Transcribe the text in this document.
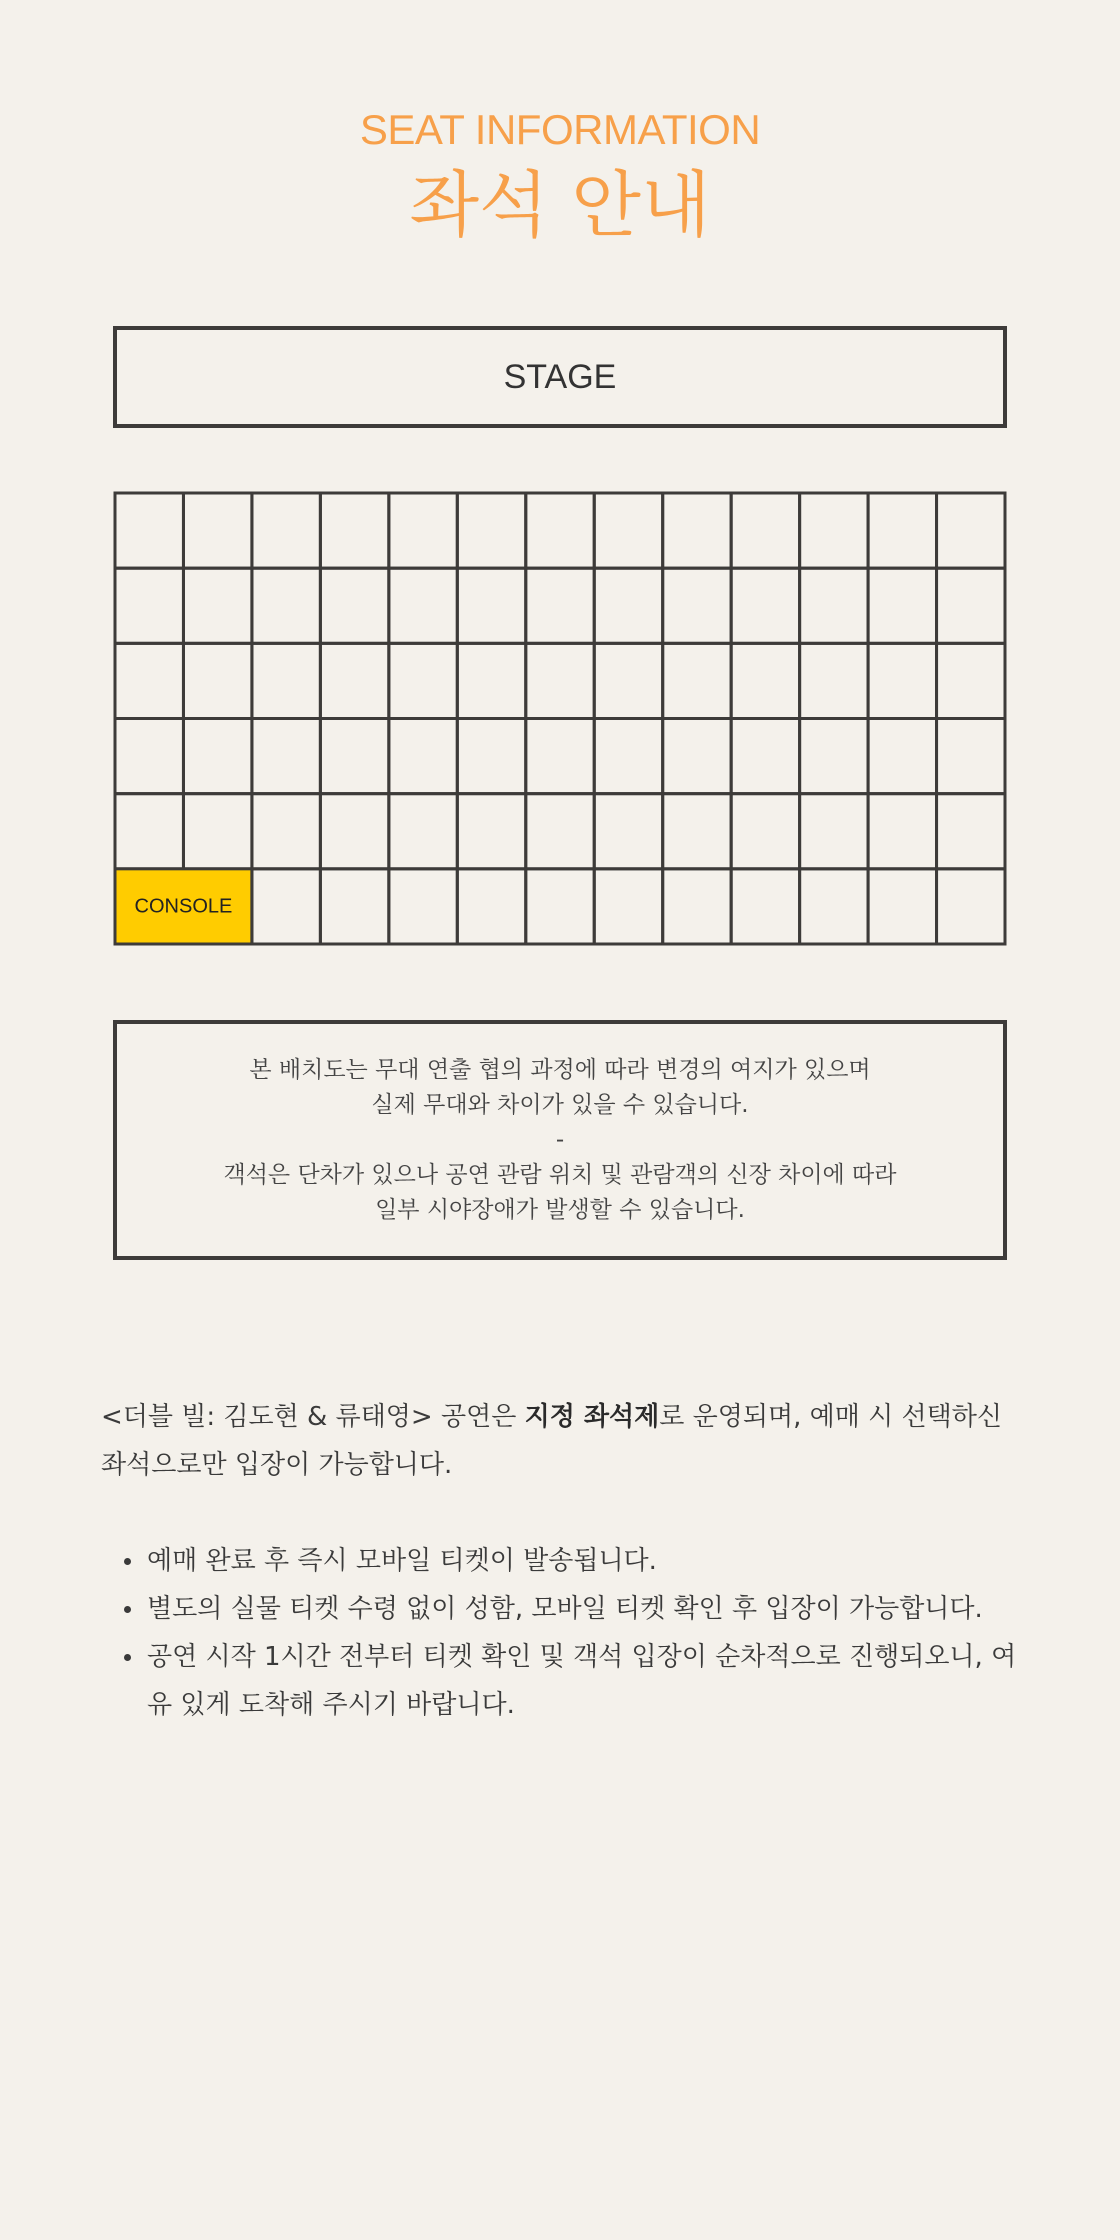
SEAT INFORMATION
좌석 안내
STAGE
CONSOLE
본 배치도는 무대 연출 협의 과정에 따라 변경의 여지가 있으며
실제 무대와 차이가 있을 수 있습니다.
-
객석은 단차가 있으나 공연 관람 위치 및 관람객의 신장 차이에 따라
일부 시야장애가 발생할 수 있습니다.

<더블 빌: 김도현 & 류태영> 공연은 지정 좌석제로 운영되며, 예매 시 선택하신 좌석으로만 입장이 가능합니다.

예매 완료 후 즉시 모바일 티켓이 발송됩니다.
별도의 실물 티켓 수령 없이 성함, 모바일 티켓 확인 후 입장이 가능합니다.
공연 시작 1시간 전부터 티켓 확인 및 객석 입장이 순차적으로 진행되오니, 여유 있게 도착해 주시기 바랍니다.
